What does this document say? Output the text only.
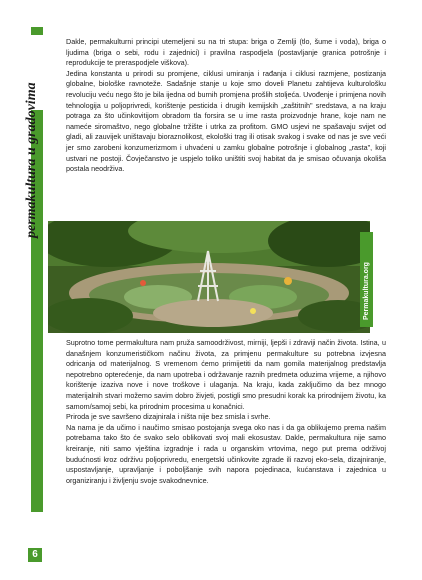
permakultura u gradovima

Dakle, permakulturni principi utemeljeni su na tri stupa: briga o Zemlji (tlo, šume i voda), briga o ljudima (briga o sebi, rodu i zajednici) i pravilna raspodjela (postavljanje granica potrošnje i reprodukcije te preraspodjele viškova).

Jedina konstanta u prirodi su promjene, ciklusi umiranja i rađanja i ciklusi razmjene, postizanja globalne, biološke ravnoteže. Sadašnje stanje u koje smo doveli Planetu zahtijeva kulturološku revoluciju veću nego što je bila ijedna od burnih promjena prošlih stoljeća. Uvođenje i primjena novih tehnologija u poljoprivredi, korištenje pesticida i drugih kemijskih „zaštitnih" sredstava, a na kraju potraga za što učinkovitijom obradom tla forsira se u ime rasta proizvodnje hrane, koje nam ne nameće siromaštvo, nego globalne tržište i utrka za profitom. GMO usjevi ne spašavaju svijet od gladi, ali zauvijek uništavaju bioraznolikost, ekološki trag ili otisak svakog i svake od nas je sve veći jer smo zarobeni konzumerizmom i uhvaćeni u zamku globalne potrošnje i globalnog „rasta", koji ustvari ne postoji. Čovječanstvo je uspjelo toliko uništiti svoj habitat da je smisao očuvanja okoliša postala neodrživa.

Permakultura.org

Suprotno tome permakultura nam pruža samoodrživost, mirniji, ljepši i zdraviji način života. Istina, u današnjem konzumerističkom načinu života, za primjenu permakulture su potrebna izvjesna odricanja od materijalnog. S vremenom ćemo primijetiti da nam gomila materijalnog predstavlja nepotrebno opterećenje, da nam upotreba i održavanje raznih predmeta oduzima vrijeme, a njihovo korištenje izaziva nove i nove troškove i ulaganja. Na kraju, kada zaključimo da bez mnogo materijalnih stvari možemo savim dobro živjeti, postigli smo presudni korak ka prirodnijem životu, ka samom/samoj sebi, ka prirodnim procesima u konačnici.

Priroda je sve savršeno dizajnirala i ništa nije bez smisla i svrhe.

Na nama je da učimo i naučimo smisao postojanja svega oko nas i da ga oblikujemo prema našim potrebama tako što će svako selo oblikovati svoj mali ekosustav. Dakle, permakultura nije samo kreiranje, niti samo vještina izgradnje i rada u organskim vrtovima, nego put prema održivoj budućnosti kroz održivu poljoprivredu, energetski učinkovite zgrade ili razvoj eko-sela, dizajniranje, uspostavljanje, upravljanje i poboljšanje svih napora pojedinaca, kućanstava i zajednica u organiziranju i življenju svoje svakodnevnice.

6
